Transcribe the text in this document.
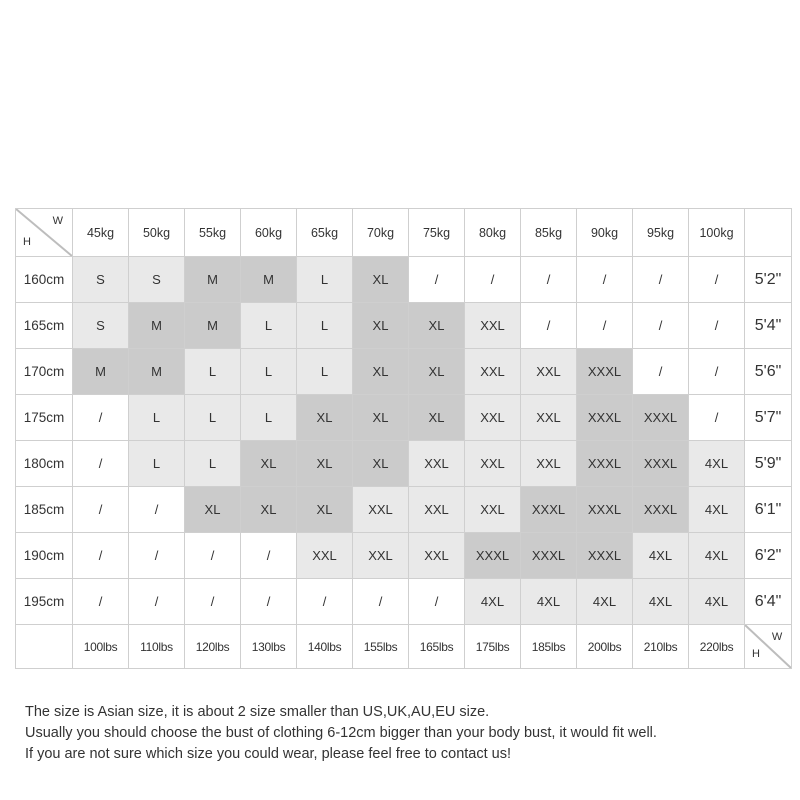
H
W	45kg	50kg	55kg	60kg	65kg	70kg	75kg	80kg	85kg	90kg	95kg	100kg	
160cm	S	S	M	M	L	XL	/	/	/	/	/	/	5'2"
165cm	S	M	M	L	L	XL	XL	XXL	/	/	/	/	5'4"
170cm	M	M	L	L	L	XL	XL	XXL	XXL	XXXL	/	/	5'6"
175cm	/	L	L	L	XL	XL	XL	XXL	XXL	XXXL	XXXL	/	5'7"
180cm	/	L	L	XL	XL	XL	XXL	XXL	XXL	XXXL	XXXL	4XL	5'9"
185cm	/	/	XL	XL	XL	XXL	XXL	XXL	XXXL	XXXL	XXXL	4XL	6'1"
190cm	/	/	/	/	XXL	XXL	XXL	XXXL	XXXL	XXXL	4XL	4XL	6'2"
195cm	/	/	/	/	/	/	/	4XL	4XL	4XL	4XL	4XL	6'4"
	100lbs	110lbs	120lbs	130lbs	140lbs	155lbs	165lbs	175lbs	185lbs	200lbs	210lbs	220lbs	H
W
The size is Asian size, it is about 2 size smaller than US,UK,AU,EU size.
Usually you should choose the bust of clothing 6-12cm bigger than your body bust, it would fit well.
If you are not sure which size you could wear, please feel free to contact us!
